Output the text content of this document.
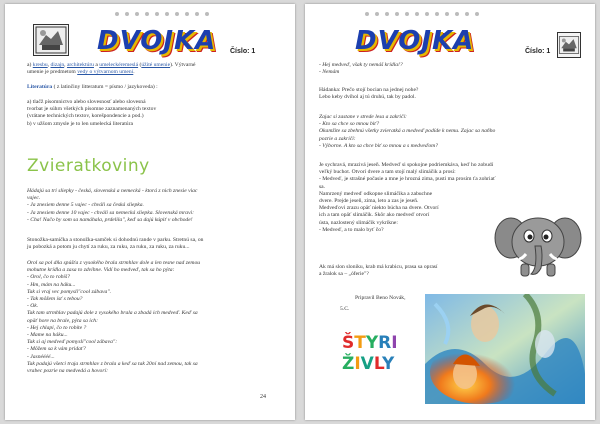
DVOJKA Číslo: 1
a) kresbu, dizajn, architektúru a umeleckéremeslá (úžité umenie). Výtvarné
umenie je predmetom vedy o výtvarnom umení.
Literatúra ( z latinčiny litteratum = písmo / jazykoveda) :
a) tlačž písomnictvo alebo slovesnosť alebo slovesná
tvorbat je súhrn všetkých písomne zaznamenaných textov
(vrátane technických textov, korešpondencie a pod.)
b) v užšom zmysle je to len umelecká literatúra
Zvieratkoviny
Hádajú sa tri sliepky - česká, slovenská a nemecká - ktorá z nich znesie viac
vajec.
- Ja znesiem denne 5 vajec - chváli sa česká sliepka.
- Ja znesiem denne 10 vajec - chváli sa nemecká sliepka. Slovenská mravi:
- Cha! Načo by som sa namáhala, prdelila", keď sa dajú kúpiť v obchode!
Stonožka-samička a stonožka-samček si dohodnú rande v parku. Stretnú sa, on
ju pobozká a potom ju chytí za ruku, za ruku, za ruku, za ruku, za ruku...
Orol sa pol dňa spúšťa z vysokého brala strmhlav dole a len tesne nad zemou
mohutne krídla a zasa to zdvihne. Vidí ho medveď, tak sa ho pýta:
- Orol, čo to robíš?
- Hm, mám na háku...
Tak si vraj vec pomysli"cool zábava".
- Tak môžem ísť s tebou?
- Ok.
Tak tam strmhlav padajú dole z vysokého brala a zbadá ich medveď. Keď sa
opäť hore na brale, pýta sa ich:
- Hej chlapi, čo to robíte ?
- Mame na háku...
Tak si aj medveď pomysli"cool zábava":
- Môžem sa k vám pridať?
- Jasnéééé...
Tak padajú všetci traja strmhlav z brala a keď sa tak 20ní nad zemou, tak sa
vrabec pozrie na medvedá a hovorí:
24
DVOJKA	Číslo: 1
- Hej medveď, však ty nemáš krídla!?
- Nemám
Hádanka: Prečo stojí bocian na jednej nohe?
Lebo keby dvíhol aj tú druhú, tak by padol.
Zajac si zastane v strede lesa a zakričí:
- Kto sa chce so mnou biť?
Okamžite sa zbehnú všetky zvieratká a medveď podíde k nemu. Zajac sa naňho
pozrie a zakričí:
- Výborne. A kto sa chce biť so mnou a s medveďom?
Je sychravá, mrazivá jeseň. Medveď si spokojne podriemkáva, keď ho zobudí
veľký buchot. Otvorí dvere a tam stojí malý slimáčik a prosí:
- Medveď, je strašné počasie a mne je hrozná zima, pusti ma prosím ťa zohriať
sa.
Namrzený medveď odkopne slimáčika a zabuchne
dvere. Prejde jeseň, zima, leto a zas je jeseň.
Medveďovi zrazu opäť niekto búcha na dvere. Otvorí
ich a tam opäť slimáčik. Skôr ako medveď otvorí
ústa, nazlostený slimáčik vykríkne:
- Medveď, a to malo byť čo?
Ak má slon sloniku, krab má krabicu, prasa sa oprasí
a žralok sa – „óferie"?
Pripravil Beno Novák,
5.C.
ŠTYRI
ŽIVLY
